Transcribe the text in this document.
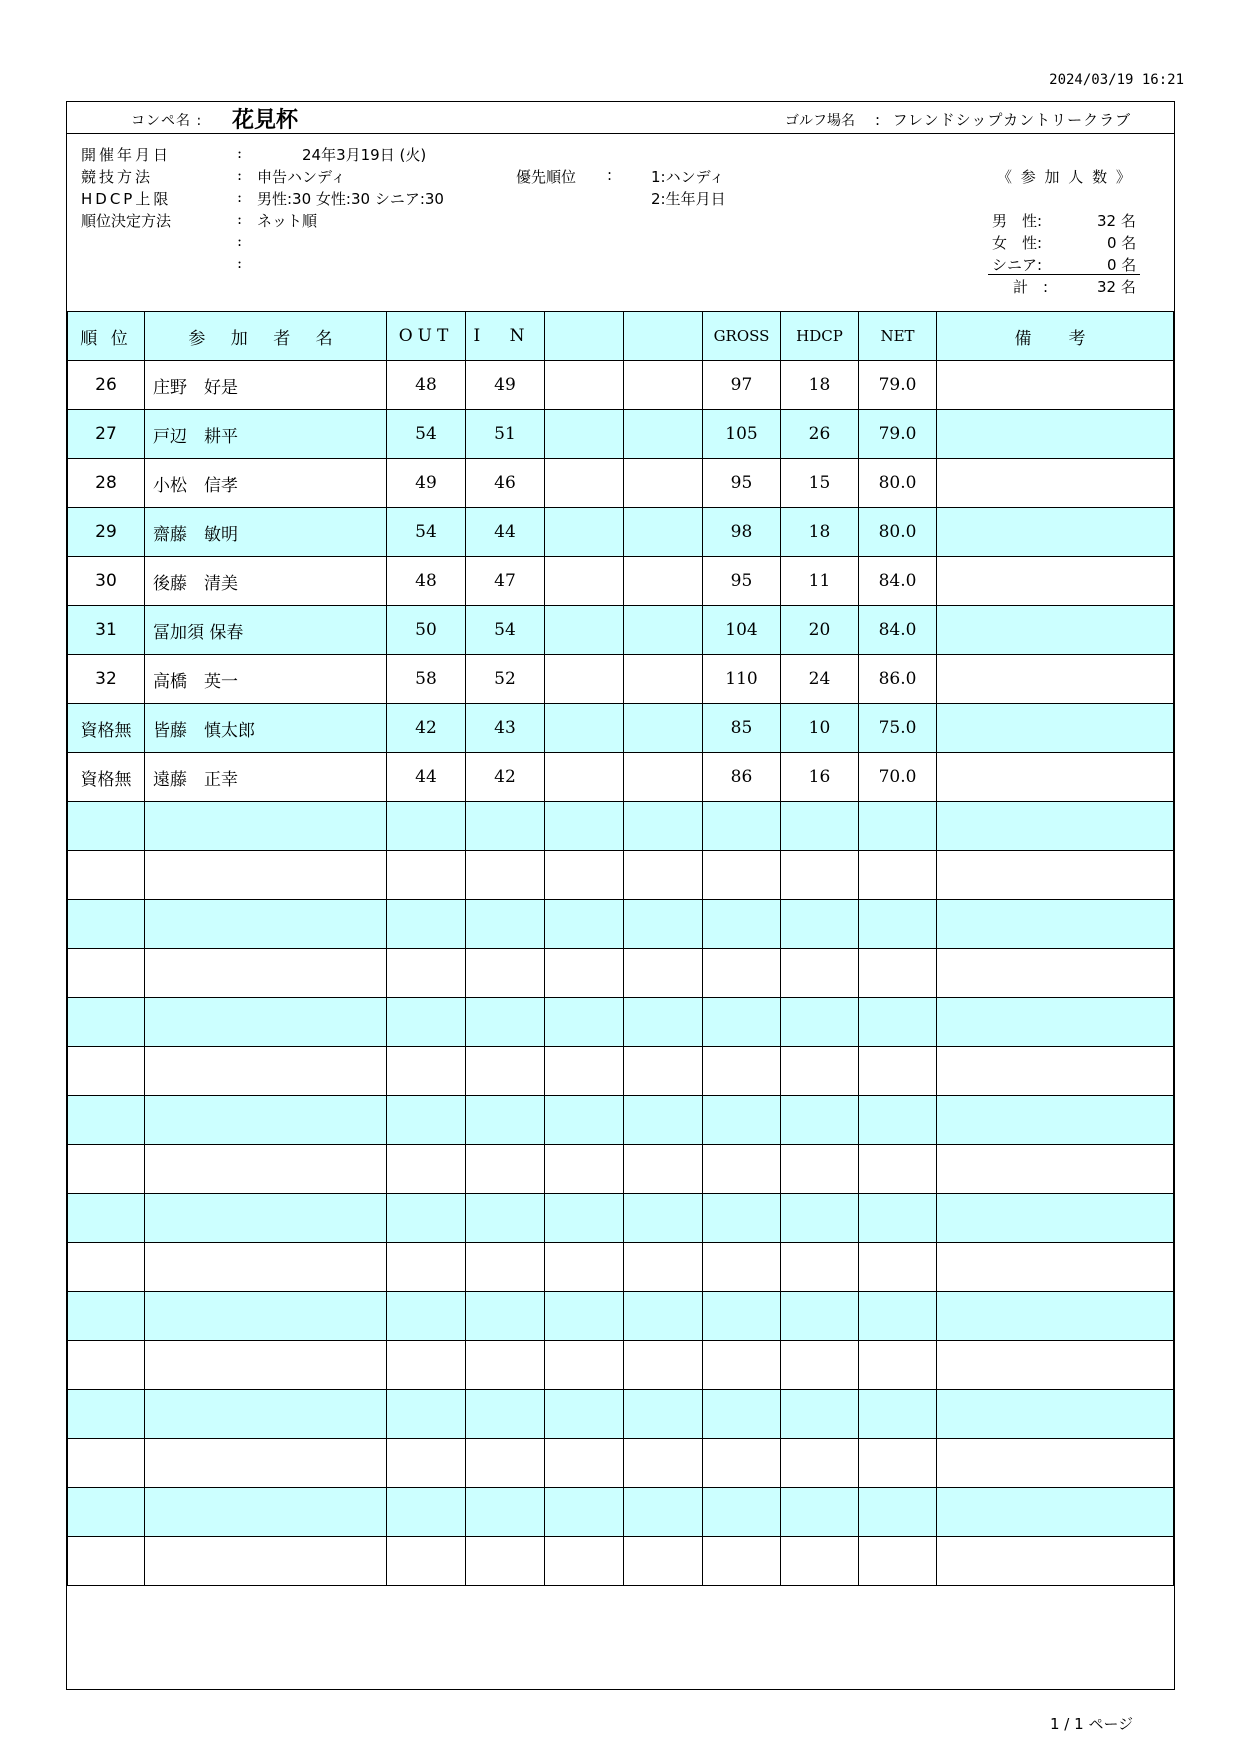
2024/03/19 16:21
コンペ名 : 花見杯	ゴルフ場名 : フレンドシップカントリークラブ
開催年月日	:	24年3月19日 (火)
競技方法	: 申告ハンディ	優先順位 :	1:ハンディ
HDCP上限	: 男性:30 女性:30 シニア:30	2:生年月日
順位決定方法	: ネット順
:
:
《 参 加 人 数 》
男　性:	32 名
女　性:	0 名
シニア:	0 名
計　:	32 名
順 位	参 加 者 名	OUT	I N			GROSS	HDCP	NET	備　考
26	庄野　好是	48	49			97	18	79.0	
27	戸辺　耕平	54	51			105	26	79.0	
28	小松　信孝	49	46			95	15	80.0	
29	齋藤　敏明	54	44			98	18	80.0	
30	後藤　清美	48	47			95	11	84.0	
31	冨加須 保春	50	54			104	20	84.0	
32	高橋　英一	58	52			110	24	86.0	
資格無	皆藤　慎太郎	42	43			85	10	75.0	
資格無	遠藤　正幸	44	42			86	16	70.0	

1 / 1 ページ
